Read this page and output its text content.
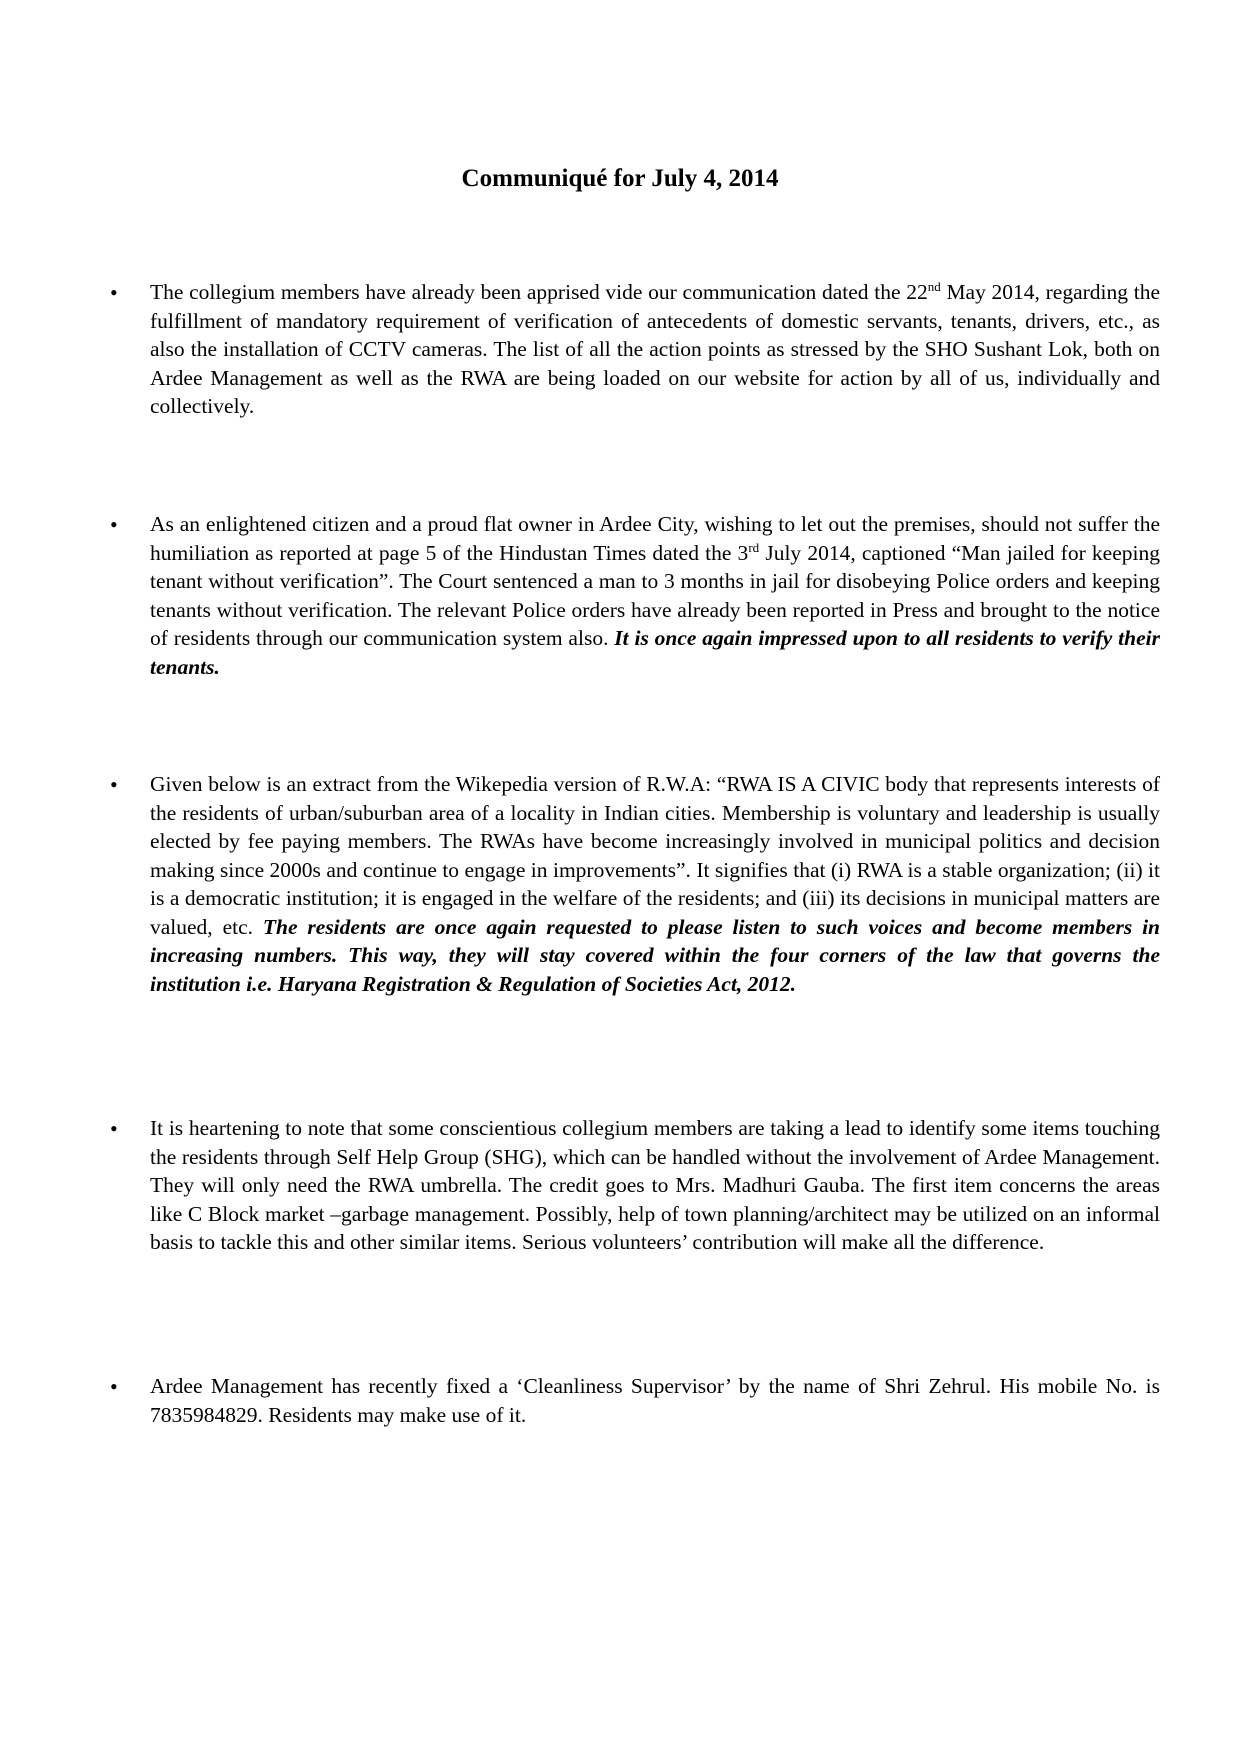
Communiqué for July 4, 2014
•	The collegium members have already been apprised vide our communication dated the 22nd May 2014, regarding the fulfillment of mandatory requirement of verification of antecedents of domestic servants, tenants, drivers, etc., as also the installation of CCTV cameras. The list of all the action points as stressed by the SHO Sushant Lok, both on Ardee Management as well as the RWA are being loaded on our website for action by all of us, individually and collectively.

•	As an enlightened citizen and a proud flat owner in Ardee City, wishing to let out the premises, should not suffer the humiliation as reported at page 5 of the Hindustan Times dated the 3rd July 2014, captioned “Man jailed for keeping tenant without verification”. The Court sentenced a man to 3 months in jail for disobeying Police orders and keeping tenants without verification. The relevant Police orders have already been reported in Press and brought to the notice of residents through our communication system also. It is once again impressed upon to all residents to verify their tenants.

•	Given below is an extract from the Wikepedia version of R.W.A: “RWA IS A CIVIC body that represents interests of the residents of urban/suburban area of a locality in Indian cities. Membership is voluntary and leadership is usually elected by fee paying members. The RWAs have become increasingly involved in municipal politics and decision making since 2000s and continue to engage in improvements”. It signifies that (i) RWA is a stable organization; (ii) it is a democratic institution; it is engaged in the welfare of the residents; and (iii) its decisions in municipal matters are valued, etc. The residents are once again requested to please listen to such voices and become members in increasing numbers. This way, they will stay covered within the four corners of the law that governs the institution i.e. Haryana Registration & Regulation of Societies Act, 2012.

•	It is heartening to note that some conscientious collegium members are taking a lead to identify some items touching the residents through Self Help Group (SHG), which can be handled without the involvement of Ardee Management. They will only need the RWA umbrella. The credit goes to Mrs. Madhuri Gauba. The first item concerns the areas like C Block market –garbage management. Possibly, help of town planning/architect may be utilized on an informal basis to tackle this and other similar items. Serious volunteers’ contribution will make all the difference.

•	Ardee Management has recently fixed a ‘Cleanliness Supervisor’ by the name of Shri Zehrul. His mobile No. is 7835984829. Residents may make use of it.
